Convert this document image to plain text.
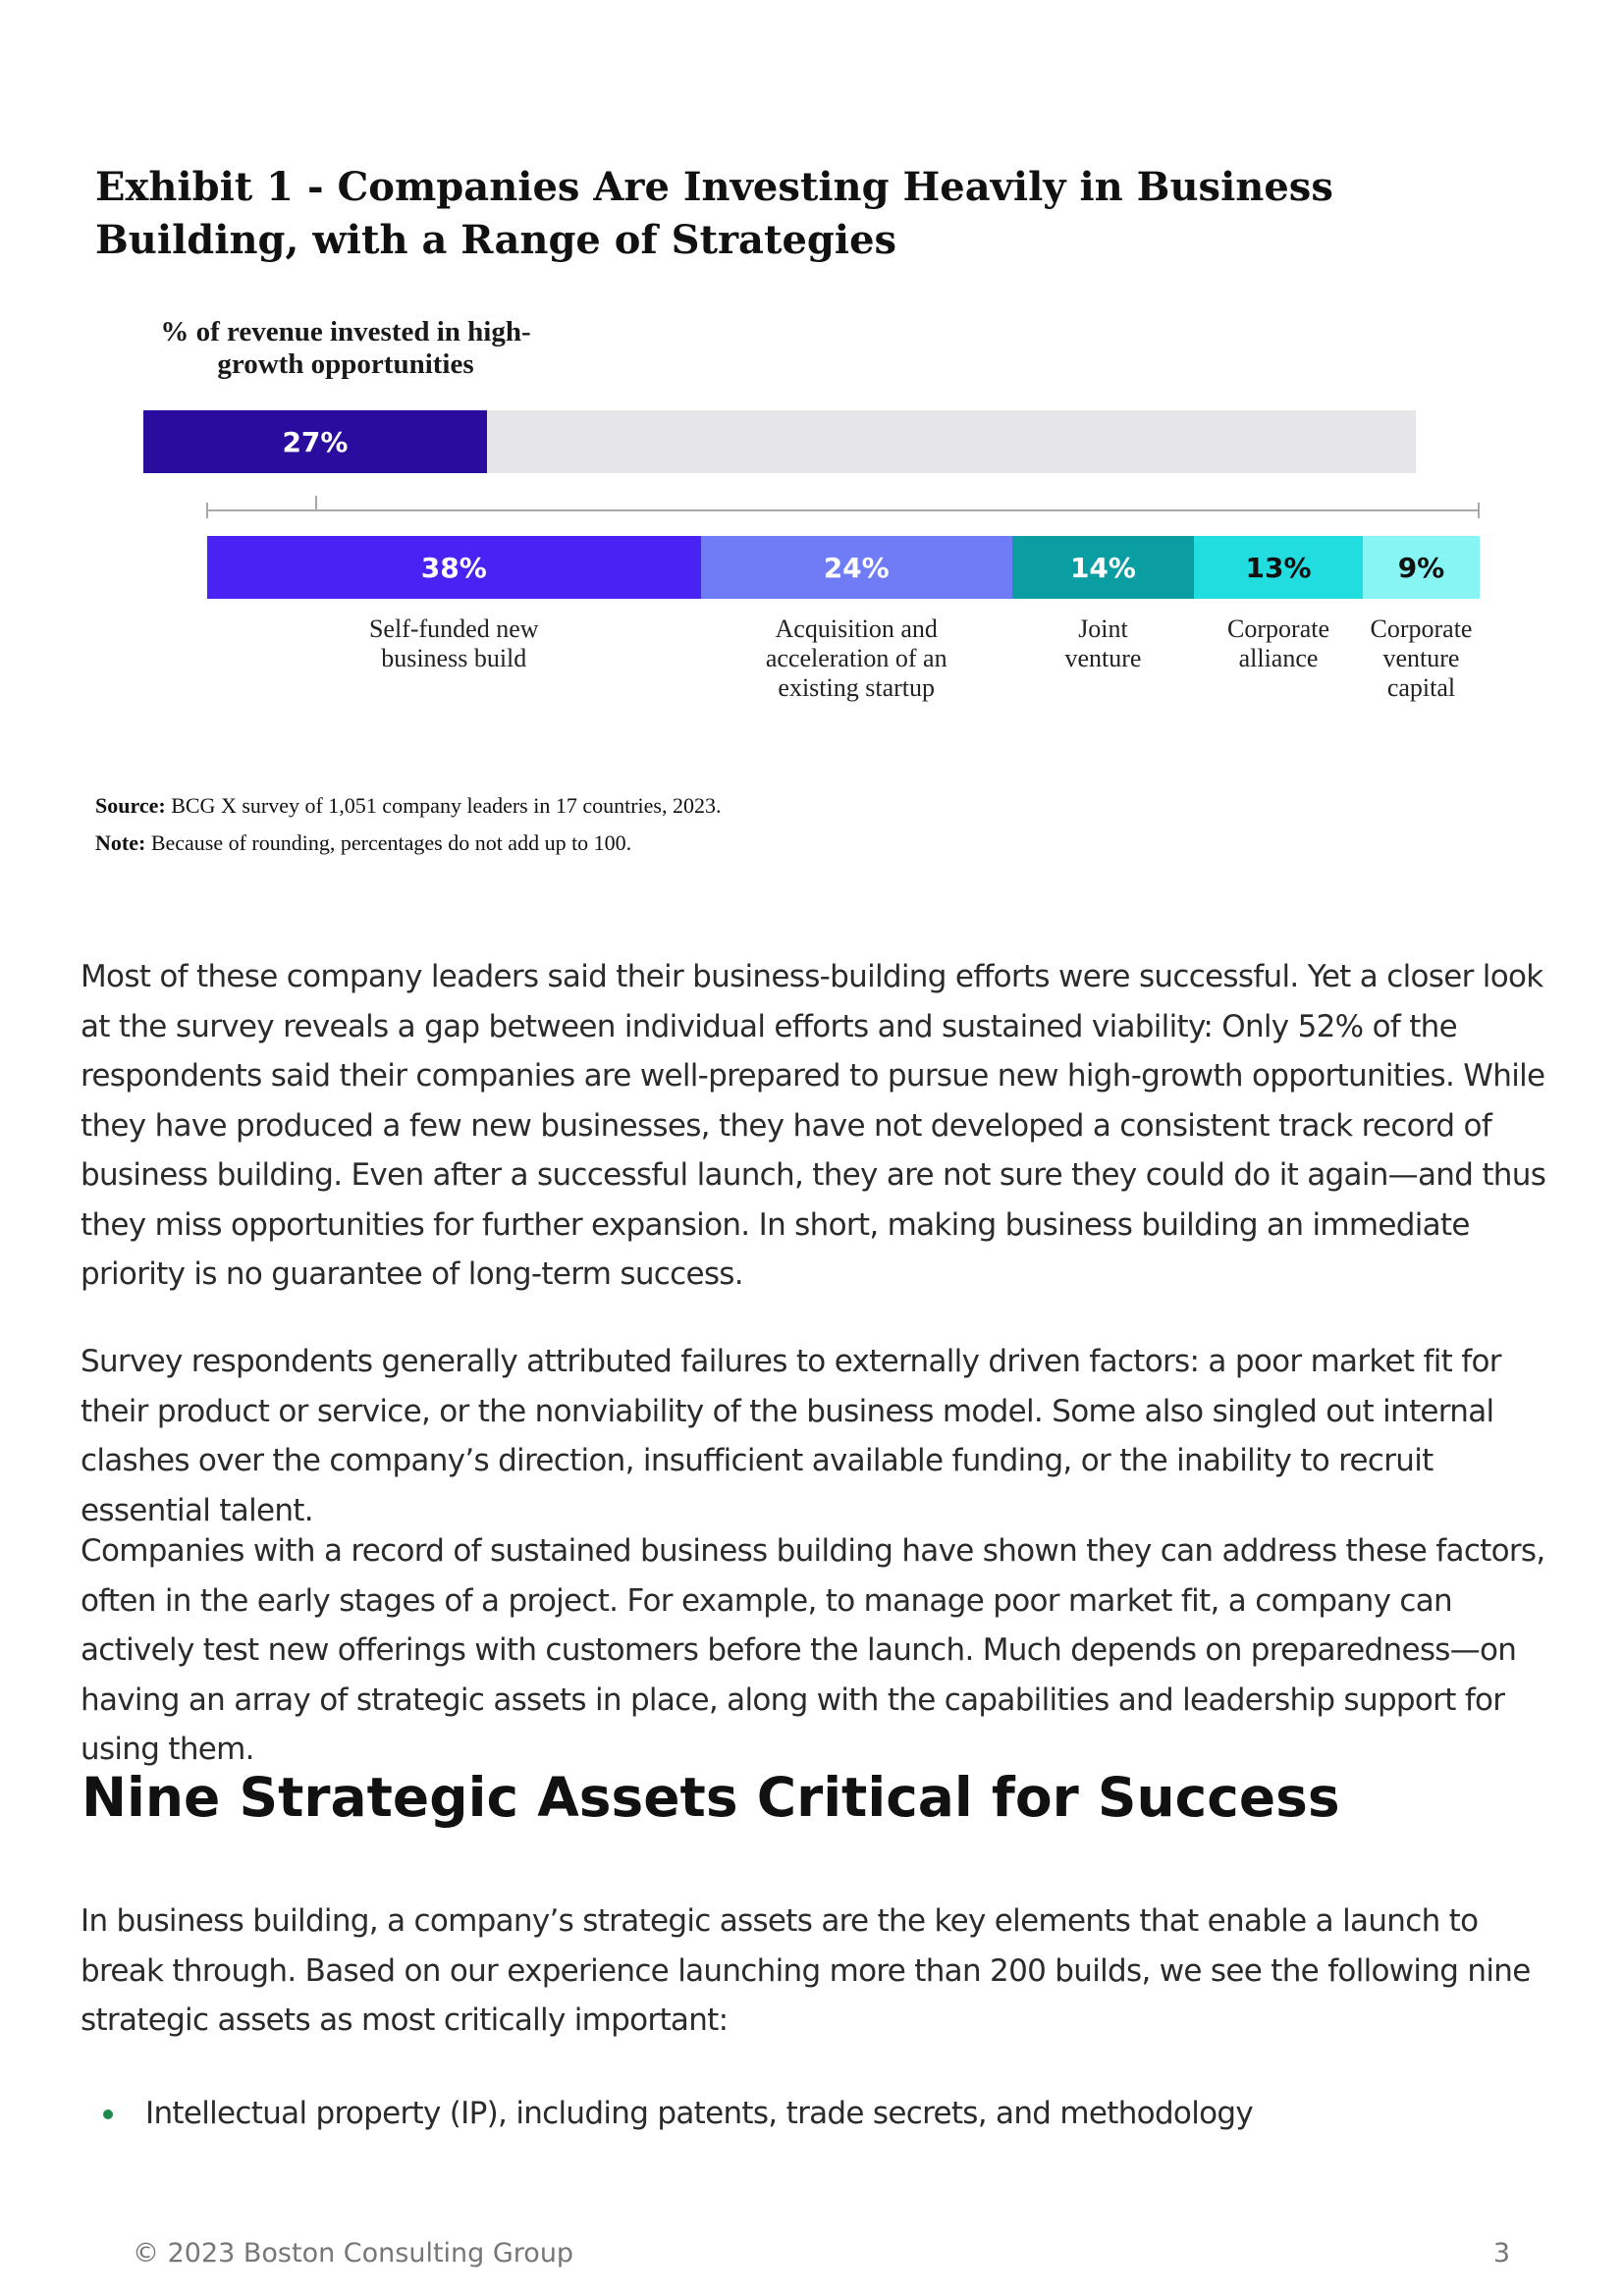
Exhibit 1 - Companies Are Investing Heavily in Business Building, with a Range of Strategies
% of revenue invested in high-growth opportunities
27%
38%	24%	14%	13%	9%
Self-funded new business build
Acquisition and acceleration of an existing startup
Joint venture
Corporate alliance
Corporate venture capital
Source: BCG X survey of 1,051 company leaders in 17 countries, 2023.
Note: Because of rounding, percentages do not add up to 100.

Most of these company leaders said their business-building efforts were successful. Yet a closer look at the survey reveals a gap between individual efforts and sustained viability: Only 52% of the respondents said their companies are well-prepared to pursue new high-growth opportunities. While they have produced a few new businesses, they have not developed a consistent track record of business building. Even after a successful launch, they are not sure they could do it again—and thus they miss opportunities for further expansion. In short, making business building an immediate priority is no guarantee of long-term success.

Survey respondents generally attributed failures to externally driven factors: a poor market fit for their product or service, or the nonviability of the business model. Some also singled out internal clashes over the company’s direction, insufficient available funding, or the inability to recruit essential talent.

Companies with a record of sustained business building have shown they can address these factors, often in the early stages of a project. For example, to manage poor market fit, a company can actively test new offerings with customers before the launch. Much depends on preparedness—on having an array of strategic assets in place, along with the capabilities and leadership support for using them.

Nine Strategic Assets Critical for Success

In business building, a company’s strategic assets are the key elements that enable a launch to break through. Based on our experience launching more than 200 builds, we see the following nine strategic assets as most critically important:

Intellectual property (IP), including patents, trade secrets, and methodology
© 2023 Boston Consulting Group	3
